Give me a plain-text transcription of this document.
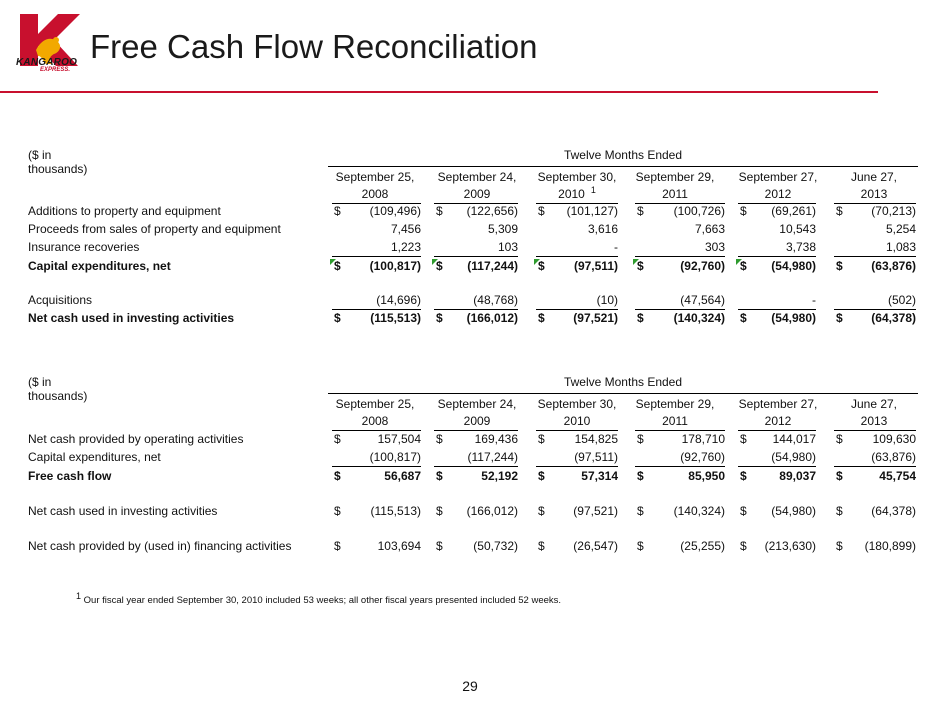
KANGAROO
EXPRESS.
Free Cash Flow Reconciliation
($ in thousands)
Twelve Months Ended
September 25,
2008
September 24,
2009
September 30,
2010 $^1$
September 29,
2011
September 27,
2012
June 27,
2013
Additions to property and equipment	$ (109,496) $ (122,656) $ (101,127) $ (100,726) $ (69,261) $ (70,213)
Proceeds from sales of property and equipment	7,456	5,309	3,616	7,663	10,543	5,254
Insurance recoveries	1,223	103	-	303	3,738	1,083
Capital expenditures, net	$ (100,817) $ (117,244) $ (97,511) $	(92,760) $ (54,980) $ (63,876)
Acquisitions	(14,696)	(48,768)	(10)	(47,564)	-	(502)
Net cash used in investing activities	$ (115,513) $ (166,012) $ (97,521) $ (140,324) $ (54,980) $ (64,378)
($ in thousands)
Twelve Months Ended
September 25,
2008
September 24,
2009
September 30,
2010
September 29,
2011
September 27,
2012
June 27,
2013
Net cash provided by operating activities	$	157,504 $	169,436 $ 154,825 $	178,710 $ 144,017 $ 109,630
Capital expenditures, net	(100,817)	(117,244)	(97,511)	(92,760)	(54,980)	(63,876)
Free cash flow	$	56,687 $	52,192 $	57,314 $	85,950 $	89,037 $	45,754
Net cash used in investing activities	$ (115,513) $ (166,012) $ (97,521) $ (140,324) $ (54,980) $ (64,378)
Net cash provided by (used in) financing activities	$	103,694 $	(50,732) $ (26,547) $	(25,255) $ (213,630) $ (180,899)
1 Our fiscal year ended September 30, 2010 included 53 weeks; all other fiscal years presented included 52 weeks.
29
